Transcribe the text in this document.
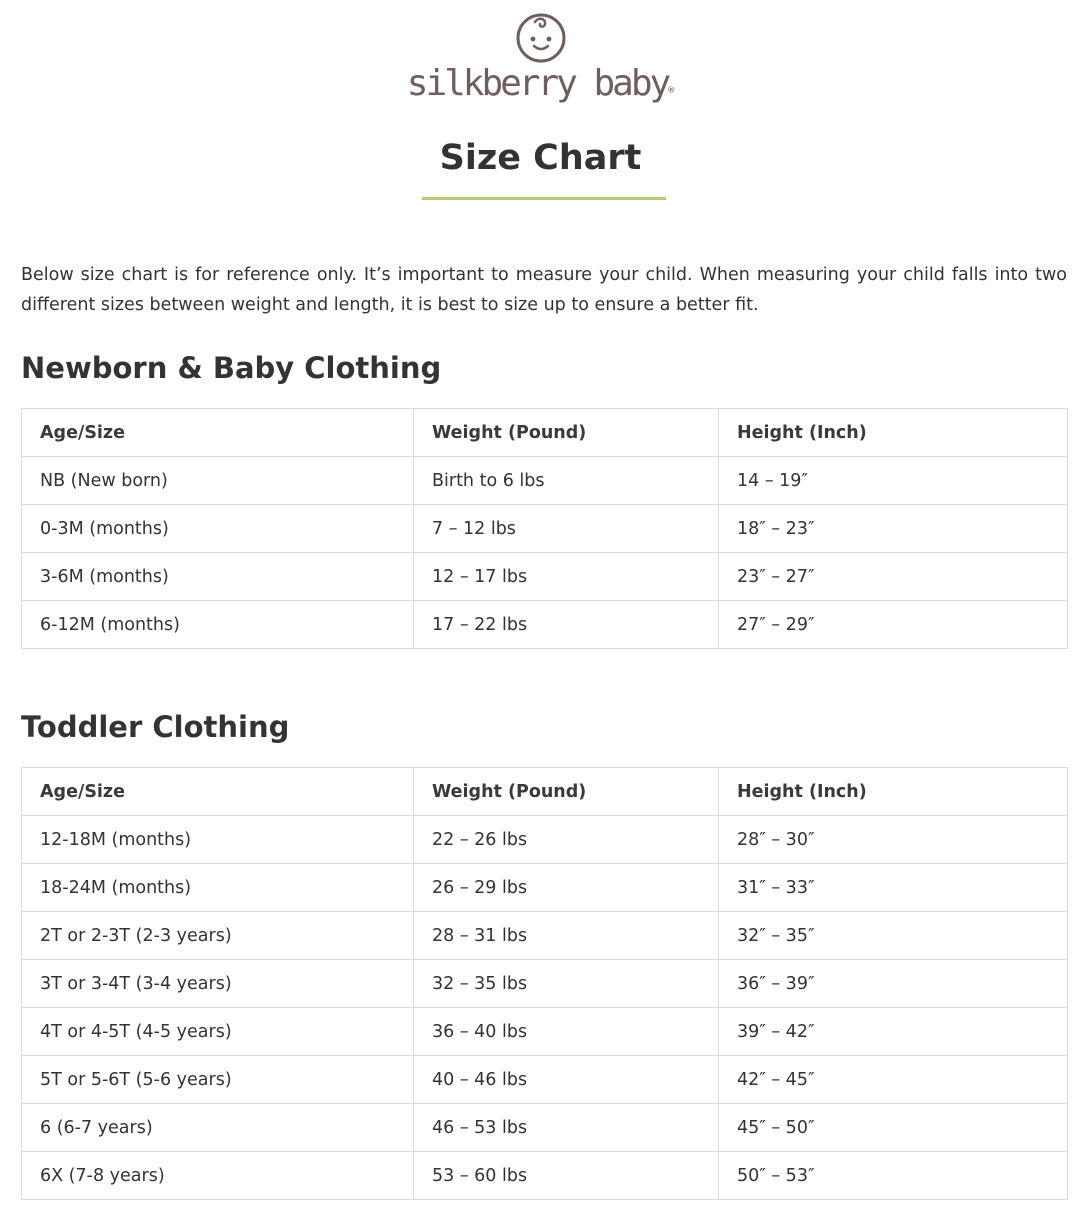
silkberry baby®
Size Chart

Below size chart is for reference only. It’s important to measure your child. When measuring your child falls into two different sizes between weight and length, it is best to size up to ensure a better fit.

Newborn & Baby Clothing
Age/Size	Weight (Pound)	Height (Inch)
NB (New born)	Birth to 6 lbs	14 – 19″
0-3M (months)	7 – 12 lbs	18″ – 23″
3-6M (months)	12 – 17 lbs	23″ – 27″
6-12M (months)	17 – 22 lbs	27″ – 29″
Toddler Clothing
Age/Size	Weight (Pound)	Height (Inch)
12-18M (months)	22 – 26 lbs	28″ – 30″
18-24M (months)	26 – 29 lbs	31″ – 33″
2T or 2-3T (2-3 years)	28 – 31 lbs	32″ – 35″
3T or 3-4T (3-4 years)	32 – 35 lbs	36″ – 39″
4T or 4-5T (4-5 years)	36 – 40 lbs	39″ – 42″
5T or 5-6T (5-6 years)	40 – 46 lbs	42″ – 45″
6 (6-7 years)	46 – 53 lbs	45″ – 50″
6X (7-8 years)	53 – 60 lbs	50″ – 53″
